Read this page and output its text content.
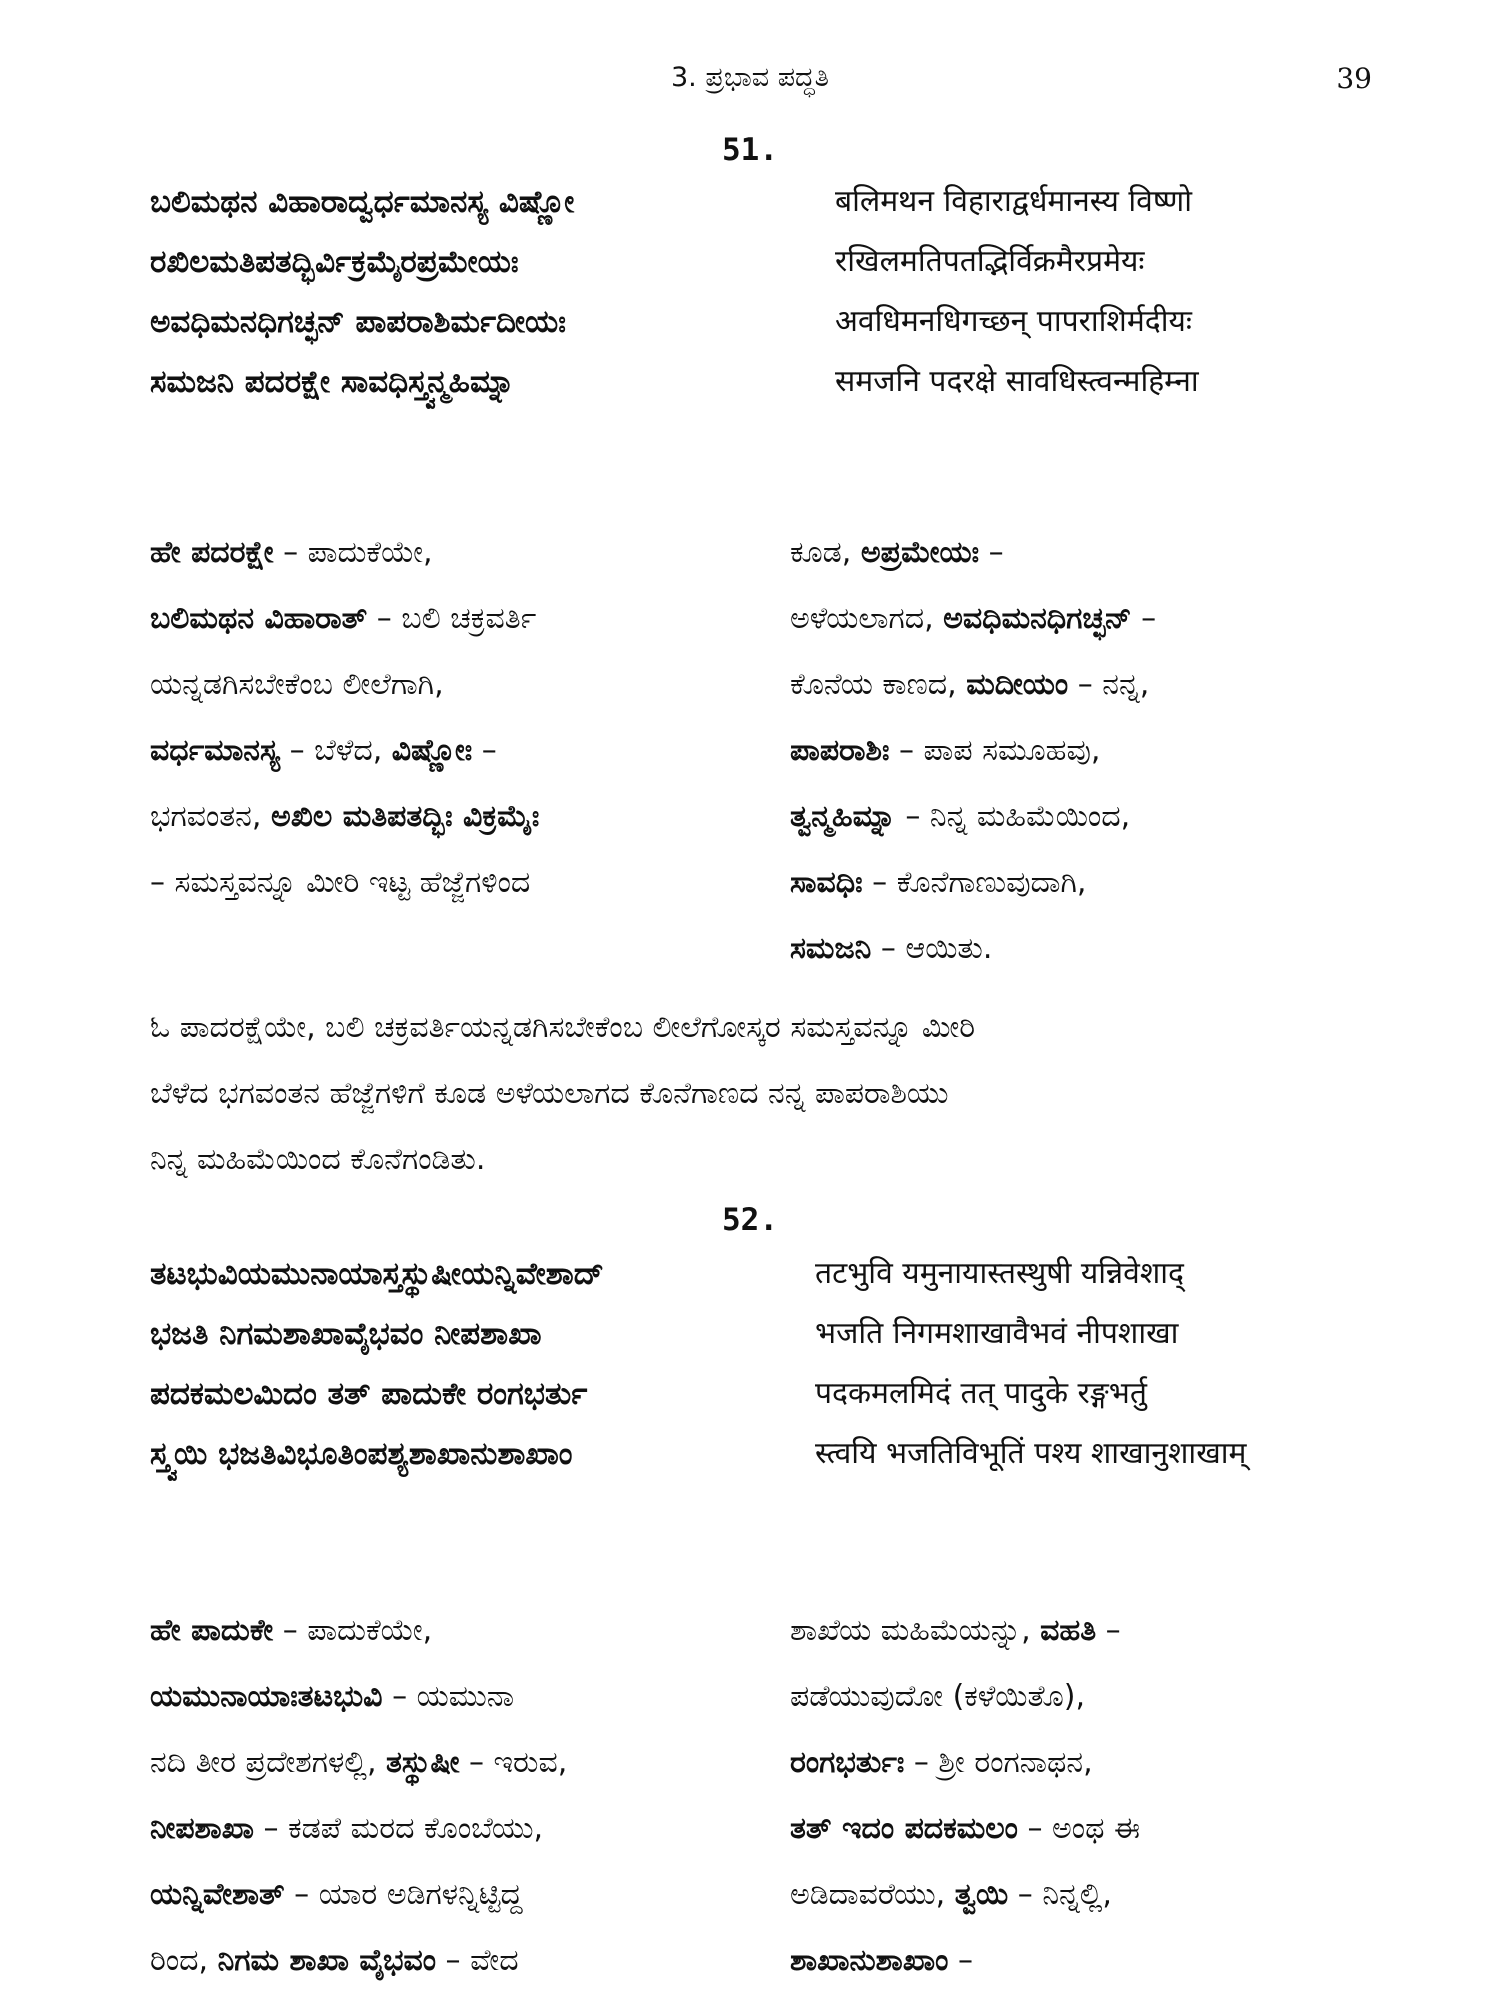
3. ಪ್ರಭಾವ ಪದ್ಧತಿ	39
51.
ಬಲಿಮಥನ ವಿಹಾರಾದ್ವರ್ಧಮಾನಸ್ಯ ವಿಷ್ಣೋ
ರಖಿಲಮತಿಪತದ್ಭಿರ್ವಿಕ್ರಮೈರಪ್ರಮೇಯಃ
ಅವಧಿಮನಧಿಗಚ್ಛನ್ ಪಾಪರಾಶಿರ್ಮದೀಯಃ
ಸಮಜನಿ ಪದರಕ್ಷೇ ಸಾವಧಿಸ್ತ್ವನ್ಮಹಿಮ್ನಾ
बलिमथन विहाराद्वर्धमानस्य विष्णो
रखिलमतिपतद्भिर्विक्रमैरप्रमेयः
अवधिमनधिगच्छन् पापराशिर्मदीयः
समजनि पदरक्षे सावधिस्त्वन्महिम्ना
ಹೇ ಪದರಕ್ಷೇ – ಪಾದುಕೆಯೇ,
ಬಲಿಮಥನ ವಿಹಾರಾತ್ – ಬಲಿ ಚಕ್ರವರ್ತಿ
ಯನ್ನಡಗಿಸಬೇಕೆಂಬ ಲೀಲೆಗಾಗಿ,
ವರ್ಧಮಾನಸ್ಯ – ಬೆಳೆದ, ವಿಷ್ಣೋಃ –
ಭಗವಂತನ, ಅಖಿಲ ಮತಿಪತದ್ಭಿಃ ವಿಕ್ರಮೈಃ
– ಸಮಸ್ತವನ್ನೂ ಮೀರಿ ಇಟ್ಟ ಹೆಜ್ಜೆಗಳಿಂದ
ಕೂಡ, ಅಪ್ರಮೇಯಃ –
ಅಳೆಯಲಾಗದ, ಅವಧಿಮನಧಿಗಚ್ಛನ್ –
ಕೊನೆಯ ಕಾಣದ, ಮದೀಯಂ – ನನ್ನ,
ಪಾಪರಾಶಿಃ – ಪಾಪ ಸಮೂಹವು,
ತ್ವನ್ಮಹಿಮ್ನಾ – ನಿನ್ನ ಮಹಿಮೆಯಿಂದ,
ಸಾವಧಿಃ – ಕೊನೆಗಾಣುವುದಾಗಿ,
ಸಮಜನಿ – ಆಯಿತು.
ಓ ಪಾದರಕ್ಷೆಯೇ, ಬಲಿ ಚಕ್ರವರ್ತಿಯನ್ನಡಗಿಸಬೇಕೆಂಬ ಲೀಲೆಗೋಸ್ಕರ ಸಮಸ್ತವನ್ನೂ ಮೀರಿ
ಬೆಳೆದ ಭಗವಂತನ ಹೆಜ್ಜೆಗಳಿಗೆ ಕೂಡ ಅಳೆಯಲಾಗದ ಕೊನೆಗಾಣದ ನನ್ನ ಪಾಪರಾಶಿಯು
ನಿನ್ನ ಮಹಿಮೆಯಿಂದ ಕೊನೆಗಂಡಿತು.
52.
ತಟಭುವಿಯಮುನಾಯಾಸ್ತಸ್ಥುಷೀಯನ್ನಿವೇಶಾದ್
ಭಜತಿ ನಿಗಮಶಾಖಾವೈಭವಂ ನೀಪಶಾಖಾ
ಪದಕಮಲಮಿದಂ ತತ್ ಪಾದುಕೇ ರಂಗಭರ್ತು
ಸ್ತ್ವಯಿ ಭಜತಿವಿಭೂತಿಂಪಶ್ಯಶಾಖಾನುಶಾಖಾಂ
तटभुवि यमुनायास्तस्थुषी यन्निवेशाद्
भजति निगमशाखावैभवं नीपशाखा
पदकमलमिदं तत् पादुके रङ्गभर्तु
स्त्वयि भजतिविभूतिं पश्य शाखानुशाखाम्
ಹೇ ಪಾದುಕೇ – ಪಾದುಕೆಯೇ,
ಯಮುನಾಯಾಃತಟಭುವಿ – ಯಮುನಾ
ನದಿ ತೀರ ಪ್ರದೇಶಗಳಲ್ಲಿ, ತಸ್ಥುಷೀ – ಇರುವ,
ನೀಪಶಾಖಾ – ಕಡಪೆ ಮರದ ಕೊಂಬೆಯು,
ಯನ್ನಿವೇಶಾತ್ – ಯಾರ ಅಡಿಗಳನ್ನಿಟ್ಟಿದ್ದ
ರಿಂದ, ನಿಗಮ ಶಾಖಾ ವೈಭವಂ – ವೇದ
ಶಾಖೆಯ ಮಹಿಮೆಯನ್ನು, ವಹತಿ –
ಪಡೆಯುವುದೋ (ಕಳೆಯಿತೊ),
ರಂಗಭರ್ತುಃ – ಶ್ರೀ ರಂಗನಾಥನ,
ತತ್ ಇದಂ ಪದಕಮಲಂ – ಅಂಥ ಈ
ಅಡಿದಾವರೆಯು, ತ್ವಯಿ – ನಿನ್ನಲ್ಲಿ,
ಶಾಖಾನುಶಾಖಾಂ –
